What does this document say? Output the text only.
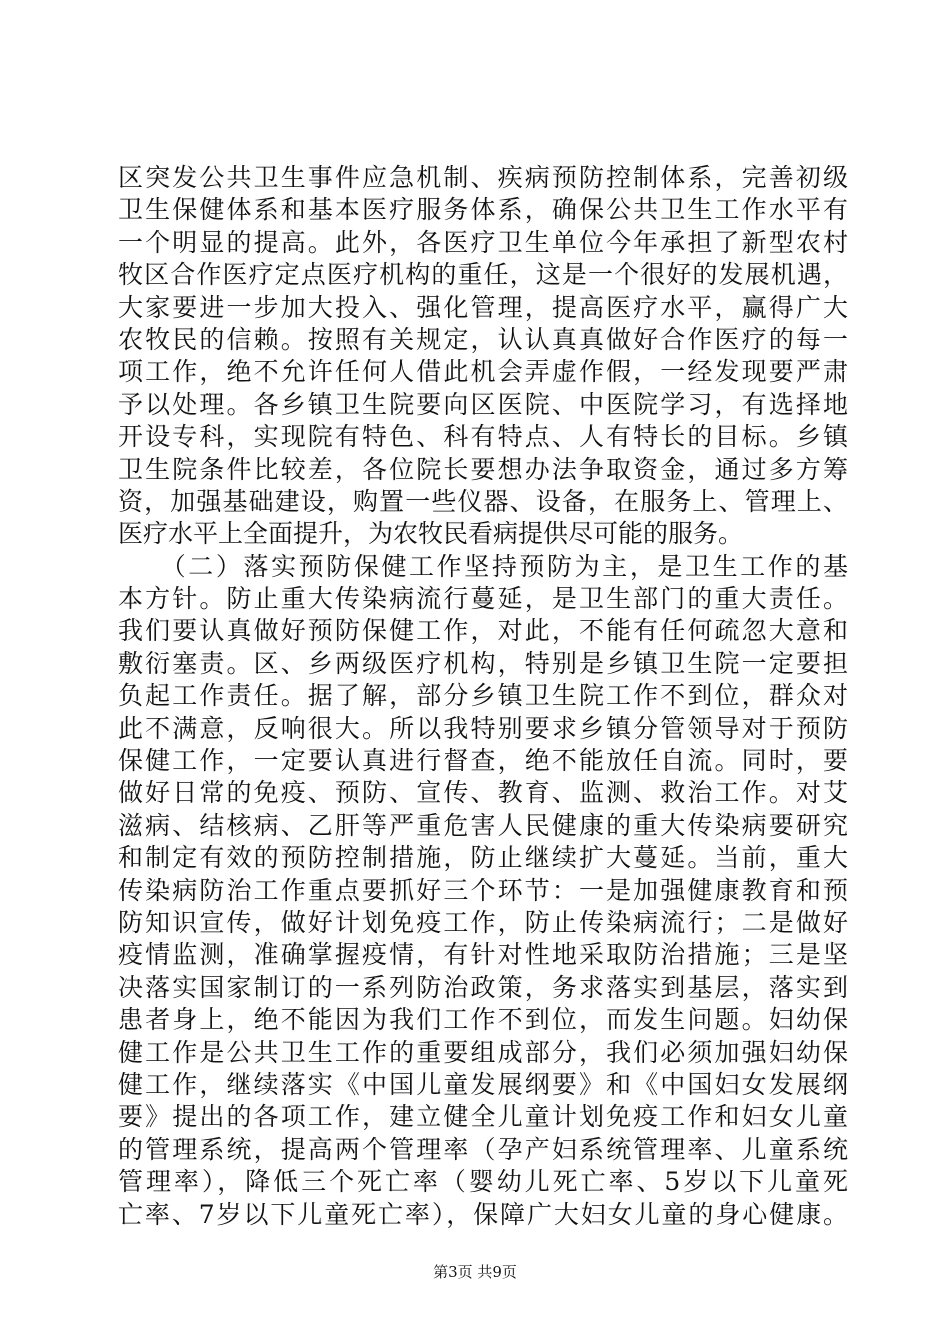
区突发公共卫生事件应急机制、疾病预防控制体系，完善初级
卫生保健体系和基本医疗服务体系，确保公共卫生工作水平有
一个明显的提高。此外，各医疗卫生单位今年承担了新型农村
牧区合作医疗定点医疗机构的重任，这是一个很好的发展机遇，
大家要进一步加大投入、强化管理，提高医疗水平，赢得广大
农牧民的信赖。按照有关规定，认认真真做好合作医疗的每一
项工作，绝不允许任何人借此机会弄虚作假，一经发现要严肃
予以处理。各乡镇卫生院要向区医院、中医院学习，有选择地
开设专科，实现院有特色、科有特点、人有特长的目标。乡镇
卫生院条件比较差，各位院长要想办法争取资金，通过多方筹
资，加强基础建设，购置一些仪器、设备，在服务上、管理上、
医疗水平上全面提升，为农牧民看病提供尽可能的服务。
　　（二）落实预防保健工作坚持预防为主，是卫生工作的基
本方针。防止重大传染病流行蔓延，是卫生部门的重大责任。
我们要认真做好预防保健工作，对此，不能有任何疏忽大意和
敷衍塞责。区、乡两级医疗机构，特别是乡镇卫生院一定要担
负起工作责任。据了解，部分乡镇卫生院工作不到位，群众对
此不满意，反响很大。所以我特别要求乡镇分管领导对于预防
保健工作，一定要认真进行督查，绝不能放任自流。同时，要
做好日常的免疫、预防、宣传、教育、监测、救治工作。对艾
滋病、结核病、乙肝等严重危害人民健康的重大传染病要研究
和制定有效的预防控制措施，防止继续扩大蔓延。当前，重大
传染病防治工作重点要抓好三个环节：一是加强健康教育和预
防知识宣传，做好计划免疫工作，防止传染病流行；二是做好
疫情监测，准确掌握疫情，有针对性地采取防治措施；三是坚
决落实国家制订的一系列防治政策，务求落实到基层，落实到
患者身上，绝不能因为我们工作不到位，而发生问题。妇幼保
健工作是公共卫生工作的重要组成部分，我们必须加强妇幼保
健工作，继续落实《中国儿童发展纲要》和《中国妇女发展纲
要》提出的各项工作，建立健全儿童计划免疫工作和妇女儿童
的管理系统，提高两个管理率（孕产妇系统管理率、儿童系统
管理率），降低三个死亡率（婴幼儿死亡率、5岁以下儿童死
亡率、7岁以下儿童死亡率），保障广大妇女儿童的身心健康。
第3页 共9页
